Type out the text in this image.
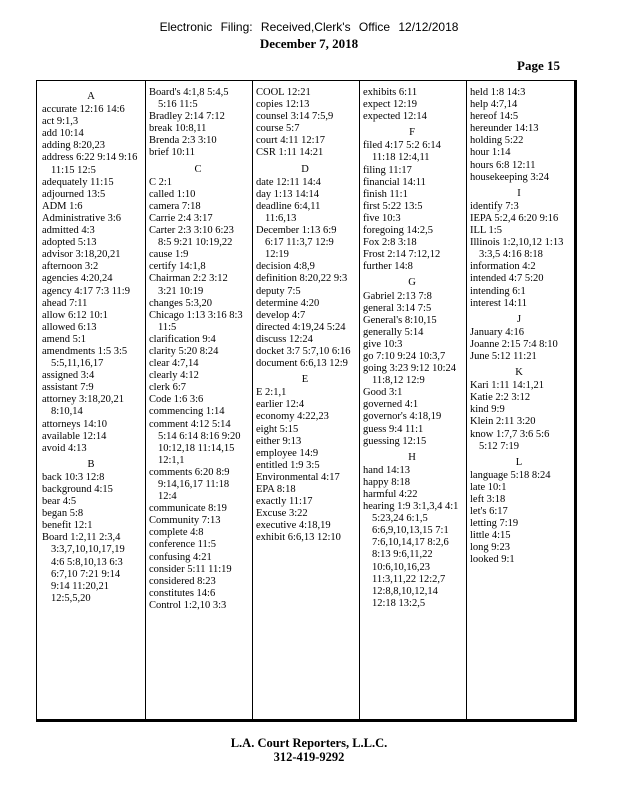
Electronic Filing: Received,Clerk's Office 12/12/2018
December 7, 2018
Page 15
A
accurate 12:16 14:6
act 9:1,3
add 10:14
adding 8:20,23
address 6:22 9:14 9:16 11:15 12:5
adequately 11:15
adjourned 13:5
ADM 1:6
Administrative 3:6
admitted 4:3
adopted 5:13
advisor 3:18,20,21
afternoon 3:2
agencies 4:20,24
agency 4:17 7:3 11:9
ahead 7:11
allow 6:12 10:1
allowed 6:13
amend 5:1
amendments 1:5 3:5 5:5,11,16,17
assigned 3:4
assistant 7:9
attorney 3:18,20,21 8:10,14
attorneys 14:10
available 12:14
avoid 4:13
B
back 10:3 12:8
background 4:15
bear 4:5
began 5:8
benefit 12:1
Board 1:2,11 2:3,4 3:3,7,10,10,17,19 4:6 5:8,10,13 6:3 6:7,10 7:21 9:14 9:14 11:20,21 12:5,5,20
Board's 4:1,8 5:4,5 5:16 11:5
Bradley 2:14 7:12
break 10:8,11
Brenda 2:3 3:10
brief 10:11
C
C 2:1
called 1:10
camera 7:18
Carrie 2:4 3:17
Carter 2:3 3:10 6:23 8:5 9:21 10:19,22
cause 1:9
certify 14:1,8
Chairman 2:2 3:12 3:21 10:19
changes 5:3,20
Chicago 1:13 3:16 8:3 11:5
clarification 9:4
clarity 5:20 8:24
clear 4:7,14
clearly 4:12
clerk 6:7
Code 1:6 3:6
commencing 1:14
comment 4:12 5:14 5:14 6:14 8:16 9:20 10:12,18 11:14,15 12:1,1
comments 6:20 8:9 9:14,16,17 11:18 12:4
communicate 8:19
Community 7:13
complete 4:8
conference 11:5
confusing 4:21
consider 5:11 11:19
considered 8:23
constitutes 14:6
Control 1:2,10 3:3
COOL 12:21
copies 12:13
counsel 3:14 7:5,9
course 5:7
court 4:11 12:17
CSR 1:11 14:21
D
date 12:11 14:4
day 1:13 14:14
deadline 6:4,11 11:6,13
December 1:13 6:9 6:17 11:3,7 12:9 12:19
decision 4:8,9
definition 8:20,22 9:3
deputy 7:5
determine 4:20
develop 4:7
directed 4:19,24 5:24
discuss 12:24
docket 3:7 5:7,10 6:16
document 6:6,13 12:9
E
E 2:1,1
earlier 12:4
economy 4:22,23
eight 5:15
either 9:13
employee 14:9
entitled 1:9 3:5
Environmental 4:17
EPA 8:18
exactly 11:17
Excuse 3:22
executive 4:18,19
exhibit 6:6,13 12:10
exhibits 6:11
expect 12:19
expected 12:14
F
filed 4:17 5:2 6:14 11:18 12:4,11
filing 11:17
financial 14:11
finish 11:1
first 5:22 13:5
five 10:3
foregoing 14:2,5
Fox 2:8 3:18
Frost 2:14 7:12,12
further 14:8
G
Gabriel 2:13 7:8
general 3:14 7:5
General's 8:10,15
generally 5:14
give 10:3
go 7:10 9:24 10:3,7
going 3:23 9:12 10:24 11:8,12 12:9
Good 3:1
governed 4:1
governor's 4:18,19
guess 9:4 11:1
guessing 12:15
H
hand 14:13
happy 8:18
harmful 4:22
hearing 1:9 3:1,3,4 4:1 5:23,24 6:1,5 6:6,9,10,13,15 7:1 7:6,10,14,17 8:2,6 8:13 9:6,11,22 10:6,10,16,23 11:3,11,22 12:2,7 12:8,8,10,12,14 12:18 13:2,5
held 1:8 14:3
help 4:7,14
hereof 14:5
hereunder 14:13
holding 5:22
hour 1:14
hours 6:8 12:11
housekeeping 3:24
I
identify 7:3
IEPA 5:2,4 6:20 9:16
ILL 1:5
Illinois 1:2,10,12 1:13 3:3,5 4:16 8:18
information 4:2
intended 4:7 5:20
intending 6:1
interest 14:11
J
January 4:16
Joanne 2:15 7:4 8:10
June 5:12 11:21
K
Kari 1:11 14:1,21
Katie 2:2 3:12
kind 9:9
Klein 2:11 3:20
know 1:7,7 3:6 5:6 5:12 7:19
L
language 5:18 8:24
late 10:1
left 3:18
let's 6:17
letting 7:19
little 4:15
long 9:23
looked 9:1
L.A. Court Reporters, L.L.C.
312-419-9292
